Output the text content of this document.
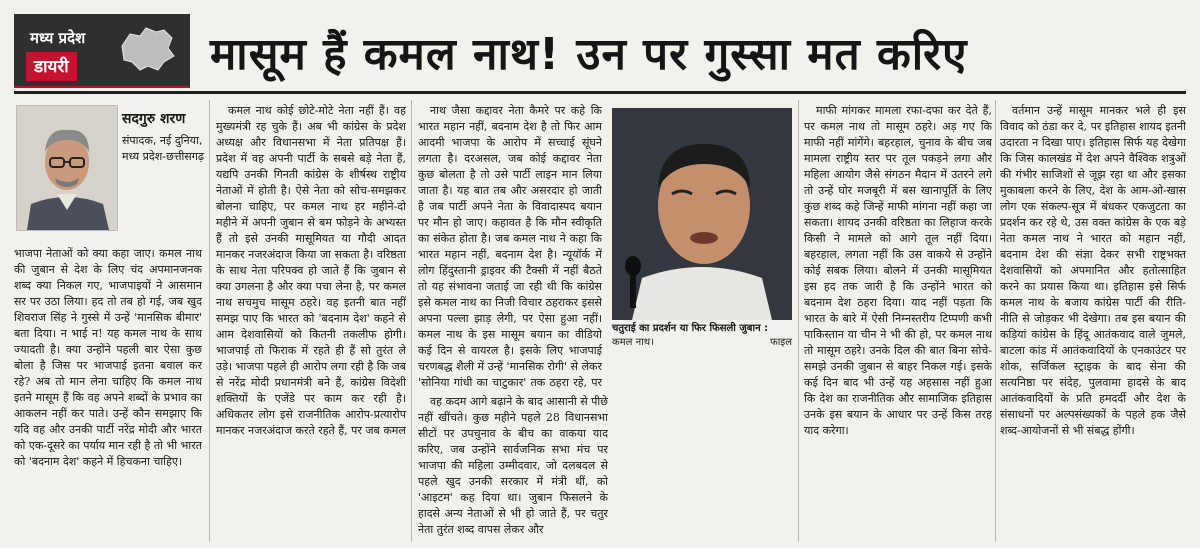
मध्य प्रदेश
डायरी	मासूम हैं कमल नाथ! उन पर गुस्सा मत करिए
सदगुरु शरण
संपादक, नई दुनिया, मध्य प्रदेश-छत्तीसगढ़

भाजपा नेताओं को क्या कहा जाए। कमल नाथ की जुबान से देश के लिए चंद अपमानजनक शब्द क्या निकल गए, भाजपाइयों ने आसमान सर पर उठा लिया। हद तो तब हो गई, जब खुद शिवराज सिंह ने गुस्से में उन्हें 'मानसिक बीमार' बता दिया। न भाई न! यह कमल नाथ के साथ ज्यादती है। क्या उन्होंने पहली बार ऐसा कुछ बोला है जिस पर भाजपाई इतना बवाल कर रहे? अब तो मान लेना चाहिए कि कमल नाथ इतने मासूम हैं कि वह अपने शब्दों के प्रभाव का आकलन नहीं कर पाते। उन्हें कौन समझाए कि यदि वह और उनकी पार्टी नरेंद्र मोदी और भारत को एक-दूसरे का पर्याय मान रही है तो भी भारत को 'बदनाम देश' कहने में हिचकना चाहिए।

कमल नाथ कोई छोटे-मोटे नेता नहीं हैं। वह मुख्यमंत्री रह चुके हैं। अब भी कांग्रेस के प्रदेश अध्यक्ष और विधानसभा में नेता प्रतिपक्ष हैं। प्रदेश में वह अपनी पार्टी के सबसे बड़े नेता हैं, यद्यपि उनकी गिनती कांग्रेस के शीर्षस्थ राष्ट्रीय नेताओं में होती है। ऐसे नेता को सोच-समझकर बोलना चाहिए, पर कमल नाथ हर महीने-दो महीने में अपनी जुबान से बम फोड़ने के अभ्यस्त हैं तो इसे उनकी मासूमियत या गौदी आदत मानकर नजरअंदाज किया जा सकता है। वरिष्ठता के साथ नेता परिपक्व हो जाते हैं कि जुबान से क्या उगलना है और क्या पचा लेना है, पर कमल नाथ सचमुच मासूम ठहरे। वह इतनी बात नहीं समझ पाए कि भारत को 'बदनाम देश' कहने से आम देशवासियों को कितनी तकलीफ होगी। भाजपाई तो फिराक में रहते ही हैं सो तुरंत ले उड़े। भाजपा पहले ही आरोप लगा रही है कि जब से नरेंद्र मोदी प्रधानमंत्री बने हैं, कांग्रेस विदेशी शक्तियों के एजेंडे पर काम कर रही है। अधिकतर लोग इसे राजनीतिक आरोप-प्रत्यारोप मानकर नजरअंदाज करते रहते हैं, पर जब कमल

नाथ जैसा कद्दावर नेता कैमरे पर कहे कि भारत महान नहीं, बदनाम देश है तो फिर आम आदमी भाजपा के आरोप में सच्चाई सूंघने लगता है। दरअसल, जब कोई कद्दावर नेता कुछ बोलता है तो उसे पार्टी लाइन मान लिया जाता है। यह बात तब और असरदार हो जाती है जब पार्टी अपने नेता के विवादास्पद बयान पर मौन हो जाए। कहावत है कि मौन स्वीकृति का संकेत होता है। जब कमल नाथ ने कहा कि भारत महान नहीं, बदनाम देश है। न्यूयॉर्क में लोग हिंदुस्तानी ड्राइवर की टैक्सी में नहीं बैठते तो यह संभावना जताई जा रही थी कि कांग्रेस इसे कमल नाथ का निजी विचार ठहराकर इससे अपना पल्ला झाड़ लेगी, पर ऐसा हुआ नहीं। कमल नाथ के इस मासूम बयान का वीडियो कई दिन से वायरल है। इसके लिए भाजपाई चरणबद्ध शैली में उन्हें 'मानसिक रोगी' से लेकर 'सोनिया गांधी का चाटुकार' तक ठहरा रहे, पर

चतुराई का प्रदर्शन या फिर फिसली जुबान :
कमल नाथ।	फाइल

वह कदम आगे बढ़ाने के बाद आसानी से पीछे नहीं खींचते। कुछ महीने पहले 28 विधानसभा सीटों पर उपचुनाव के बीच का वाकया याद करिए, जब उन्होंने सार्वजनिक सभा मंच पर भाजपा की महिला उम्मीदवार, जो दलबदल से पहले खुद उनकी सरकार में मंत्री थीं, को 'आइटम' कह दिया था। जुबान फिसलने के हादसे अन्य नेताओं से भी हो जाते हैं, पर चतुर नेता तुरंत शब्द वापस लेकर और

माफी मांगकर मामला रफा-दफा कर देते हैं, पर कमल नाथ तो मासूम ठहरे। अड़ गए कि माफी नहीं मांगेंगे। बहरहाल, चुनाव के बीच जब मामला राष्ट्रीय स्तर पर तूल पकड़ने लगा और महिला आयोग जैसे संगठन मैदान में उतरने लगे तो उन्हें घोर मजबूरी में बस खानापूर्ति के लिए कुछ शब्द कहे जिन्हें माफी मांगना नहीं कहा जा सकता। शायद उनकी वरिष्ठता का लिहाज करके किसी ने मामले को आगे तूल नहीं दिया। बहरहाल, लगता नहीं कि उस वाकये से उन्होंने कोई सबक लिया। बोलने में उनकी मासूमियत इस हद तक जारी है कि उन्होंने भारत को बदनाम देश ठहरा दिया। याद नहीं पड़ता कि भारत के बारे में ऐसी निम्नस्तरीय टिप्पणी कभी पाकिस्तान या चीन ने भी की हो, पर कमल नाथ तो मासूम ठहरे। उनके दिल की बात बिना सोचे-समझे उनकी जुबान से बाहर निकल गई। इसके कई दिन बाद भी उन्हें यह अहसास नहीं हुआ कि देश का राजनीतिक और सामाजिक इतिहास उनके इस बयान के आधार पर उन्हें किस तरह याद करेगा।

वर्तमान उन्हें मासूम मानकर भले ही इस विवाद को ठंडा कर दे, पर इतिहास शायद इतनी उदारता न दिखा पाए। इतिहास सिर्फ यह देखेगा कि जिस कालखंड में देश अपने वैश्विक शत्रुओं की गंभीर साजिशों से जूझ रहा था और इसका मुकाबला करने के लिए, देश के आम-ओ-खास लोग एक संकल्प-सूत्र में बंधकर एकजुटता का प्रदर्शन कर रहे थे, उस वक्त कांग्रेस के एक बड़े नेता कमल नाथ ने भारत को महान नहीं, बदनाम देश की संज्ञा देकर सभी राष्ट्रभक्त देशवासियों को अपमानित और हतोत्साहित करने का प्रयास किया था। इतिहास इसे सिर्फ कमल नाथ के बजाय कांग्रेस पार्टी की रीति-नीति से जोड़कर भी देखेगा। तब इस बयान की कड़ियां कांग्रेस के हिंदू आतंकवाद वाले जुमले, बाटला कांड में आतंकवादियों के एनकाउंटर पर शोक, सर्जिकल स्ट्राइक के बाद सेना की सत्यनिष्ठा पर संदेह, पुलवामा हादसे के बाद आतंकवादियों के प्रति हमदर्दी और देश के संसाधनों पर अल्पसंख्यकों के पहले हक जैसे शब्द-आयोजनों से भी संबद्ध होंगी।
